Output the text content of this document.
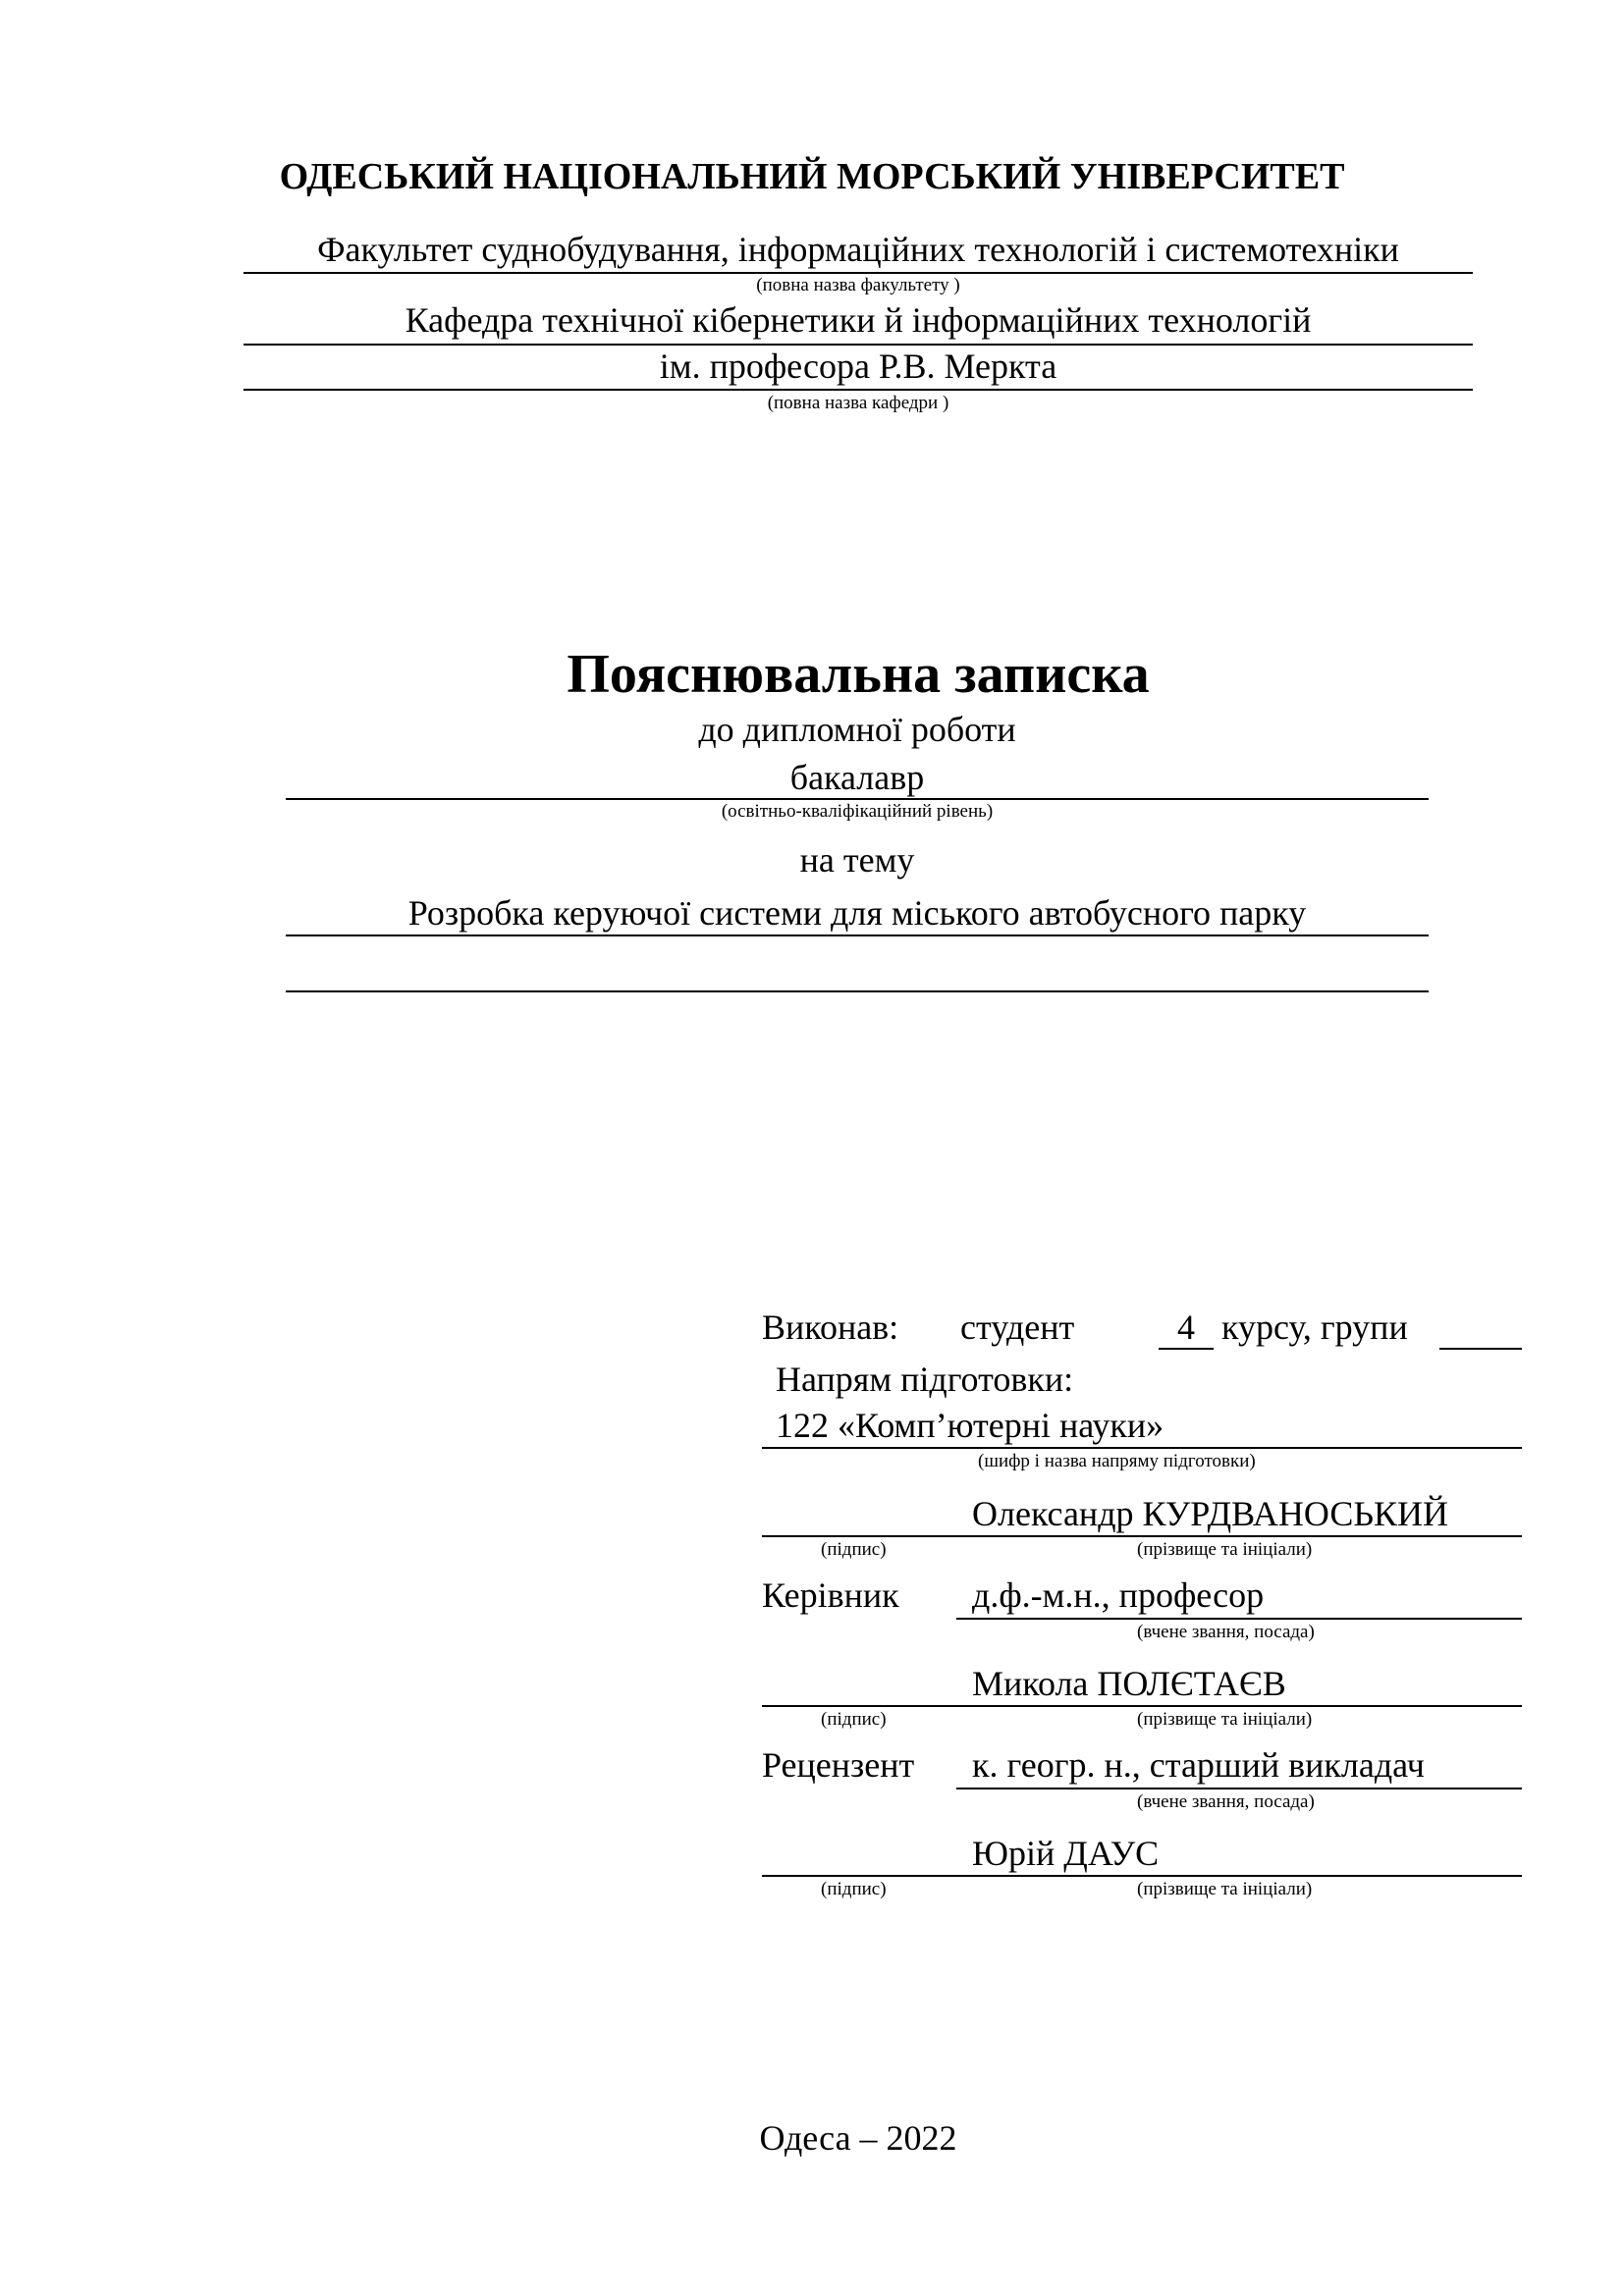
ОДЕСЬКИЙ НАЦІОНАЛЬНИЙ МОРСЬКИЙ УНІВЕРСИТЕТ
Факультет суднобудування, інформаційних технологій і системотехніки
(повна назва факультету )
Кафедра технічної кібернетики й інформаційних технологій
ім. професора Р.В. Меркта
(повна назва кафедри )
Пояснювальна записка
до дипломної роботи
бакалавр
(освітньо-кваліфікаційний рівень)
на тему
Розробка керуючої системи для міського автобусного парку
Виконав: студент	4 курсу, групи
Напрям підготовки:
122 «Комп’ютерні науки»
(шифр і назва напряму підготовки)
Олександр КУРДВАНОСЬКИЙ
(підпис)	(прізвище та ініціали)
Керівник д.ф.-м.н., професор
(вчене звання, посада)
Микола ПОЛЄТАЄВ
(підпис)	(прізвище та ініціали)
Рецензент к. геогр. н., старший викладач
(вчене звання, посада)
Юрій ДАУС
(підпис)	(прізвище та ініціали)
Одеса – 2022
